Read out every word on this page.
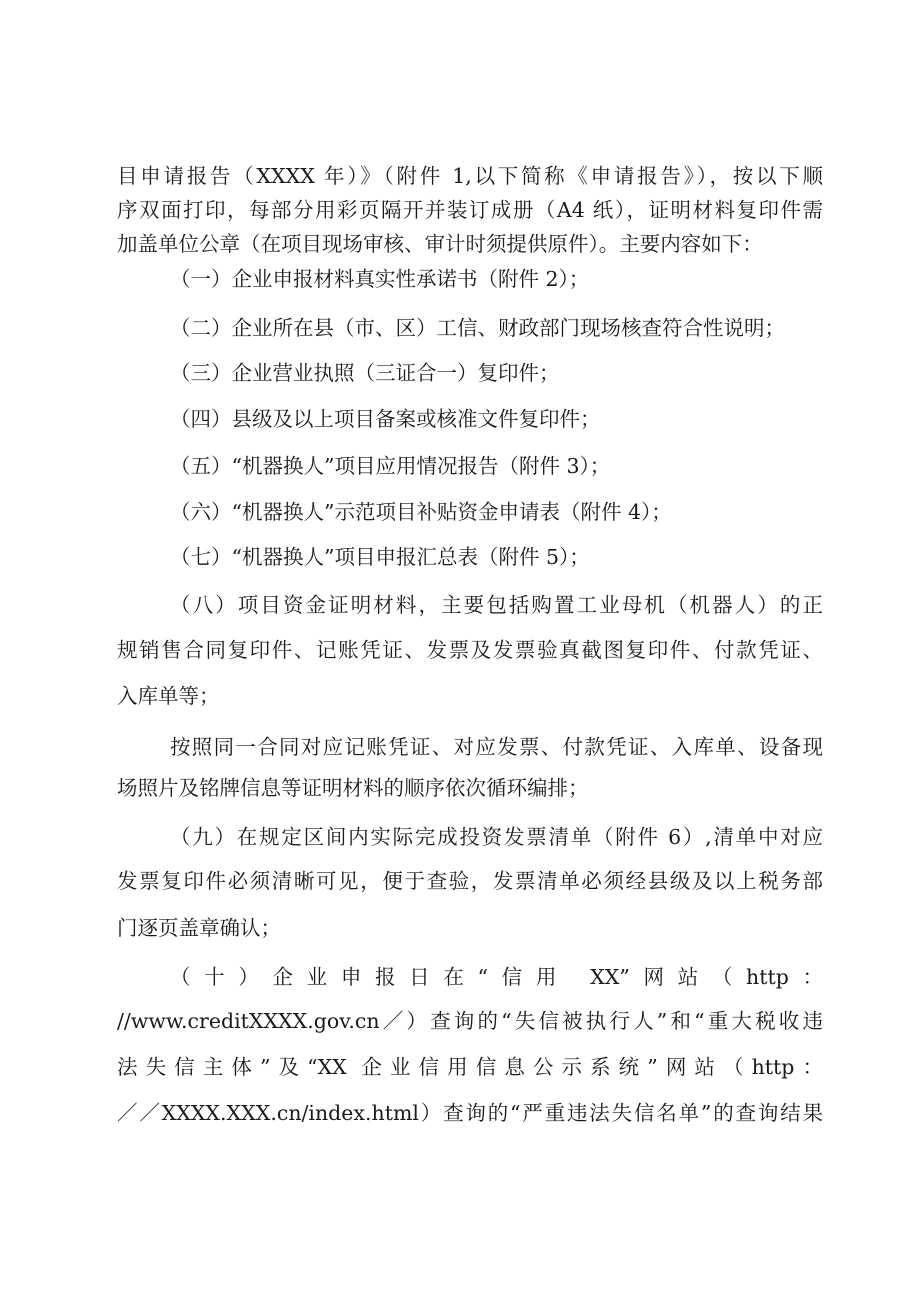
目申请报告（XXXX 年）》（附件 1,以下简称《申请报告》），按以下顺
序双面打印，每部分用彩页隔开并装订成册（A4 纸），证明材料复印件需
加盖单位公章（在项目现场审核、审计时须提供原件）。主要内容如下：
（一）企业申报材料真实性承诺书（附件 2）；
（二）企业所在县（市、区）工信、财政部门现场核查符合性说明；
（三）企业营业执照（三证合一）复印件；
（四）县级及以上项目备案或核准文件复印件；
（五）“机器换人”项目应用情况报告（附件 3）；
（六）“机器换人”示范项目补贴资金申请表（附件 4）；
（七）“机器换人”项目申报汇总表（附件 5）；
（八）项目资金证明材料，主要包括购置工业母机（机器人）的正
规销售合同复印件、记账凭证、发票及发票验真截图复印件、付款凭证、
入库单等；
按照同一合同对应记账凭证、对应发票、付款凭证、入库单、设备现
场照片及铭牌信息等证明材料的顺序依次循环编排；
（九）在规定区间内实际完成投资发票清单（附件 6）,清单中对应
发票复印件必须清晰可见，便于查验，发票清单必须经县级及以上税务部
门逐页盖章确认；
（十）企业申报日在“信用 XX”网站（http：
//www.creditXXXX.gov.cn／）查询的“失信被执行人”和“重大税收违
法失信主体”及“XX 企业信用信息公示系统”网站（http：
／／XXXX.XXX.cn/index.html）查询的“严重违法失信名单”的查询结果
